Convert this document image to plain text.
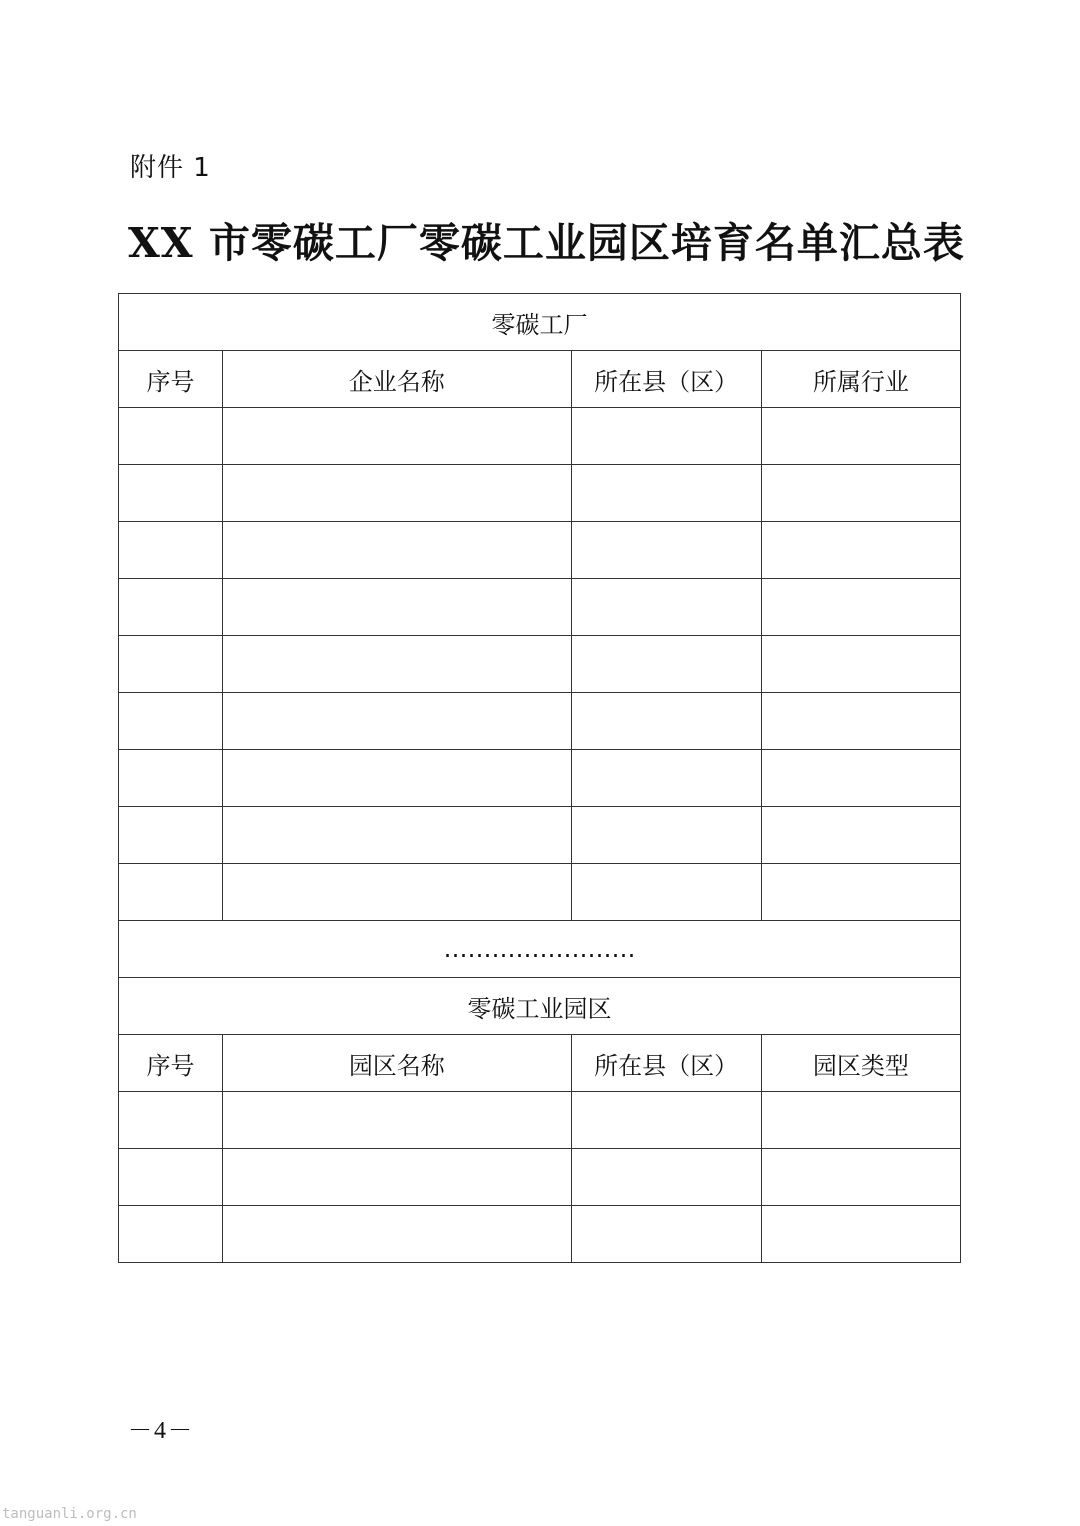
附件 1
XX 市零碳工厂零碳工业园区培育名单汇总表
零碳工厂			
序号	企业名称	所在县（区）	所属行业

……………………			
零碳工业园区			
序号	园区名称	所在县（区）	园区类型

－4－
tanguanli.org.cn
